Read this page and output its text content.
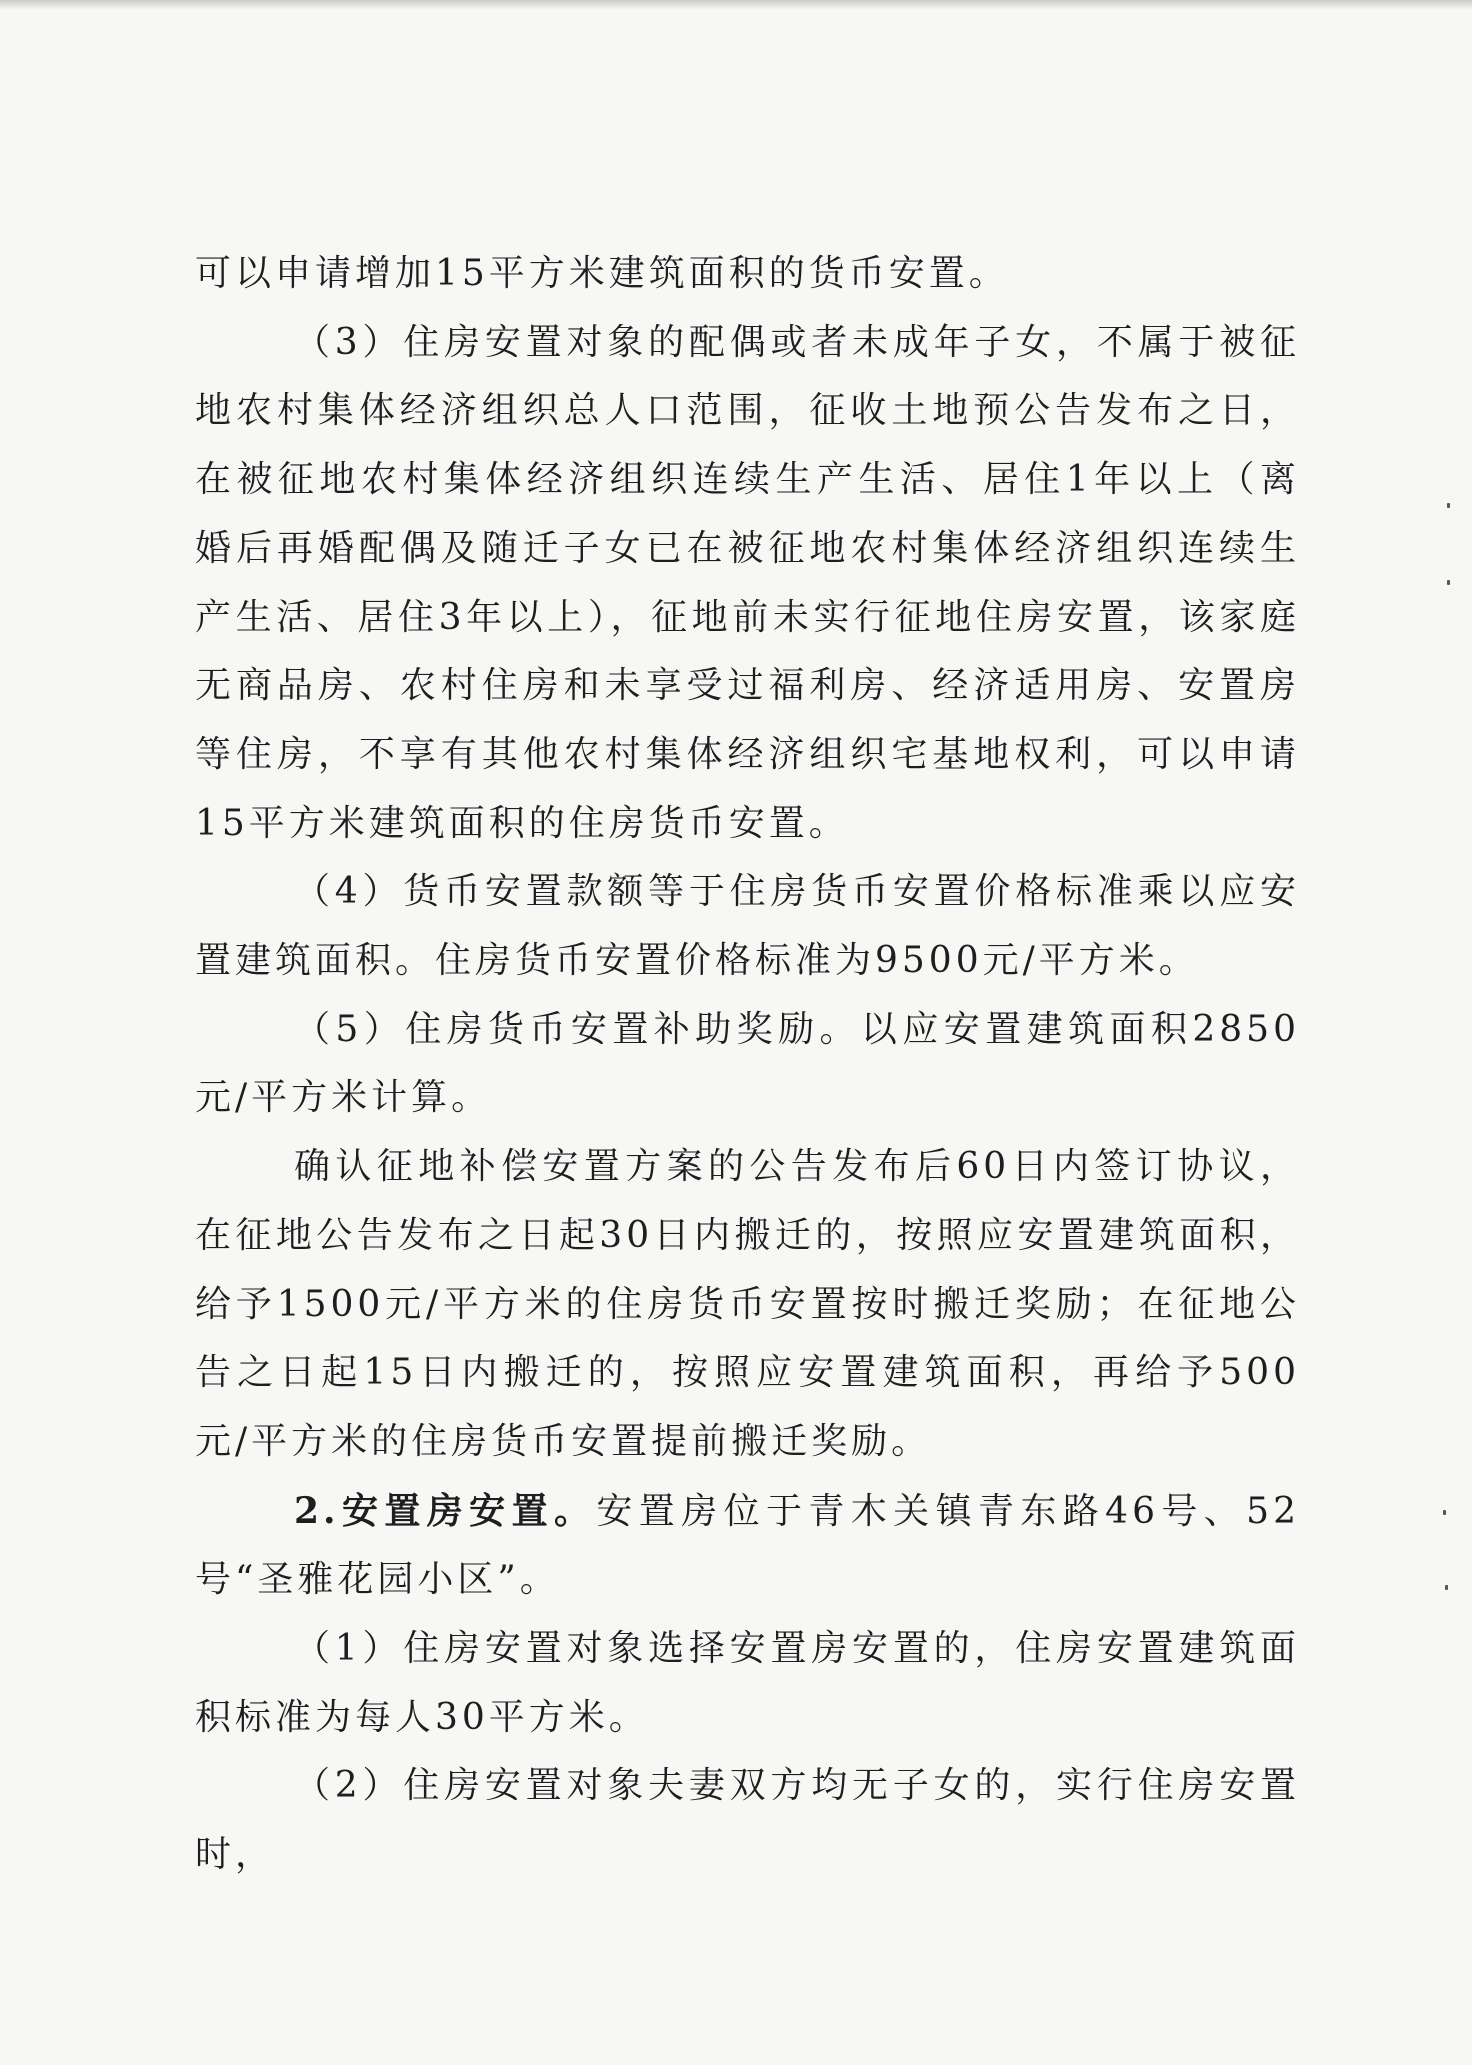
可以申请增加15平方米建筑面积的货币安置。

（3）住房安置对象的配偶或者未成年子女，不属于被征地农村集体经济组织总人口范围，征收土地预公告发布之日，在被征地农村集体经济组织连续生产生活、居住1年以上（离婚后再婚配偶及随迁子女已在被征地农村集体经济组织连续生产生活、居住3年以上），征地前未实行征地住房安置，该家庭无商品房、农村住房和未享受过福利房、经济适用房、安置房等住房，不享有其他农村集体经济组织宅基地权利，可以申请15平方米建筑面积的住房货币安置。

（4）货币安置款额等于住房货币安置价格标准乘以应安置建筑面积。住房货币安置价格标准为9500元/平方米。

（5）住房货币安置补助奖励。以应安置建筑面积2850元/平方米计算。

确认征地补偿安置方案的公告发布后60日内签订协议，在征地公告发布之日起30日内搬迁的，按照应安置建筑面积，给予1500元/平方米的住房货币安置按时搬迁奖励；在征地公告之日起15日内搬迁的，按照应安置建筑面积，再给予500元/平方米的住房货币安置提前搬迁奖励。

2.安置房安置。安置房位于青木关镇青东路46号、52号“圣雅花园小区”。

（1）住房安置对象选择安置房安置的，住房安置建筑面积标准为每人30平方米。

（2）住房安置对象夫妻双方均无子女的，实行住房安置时，
